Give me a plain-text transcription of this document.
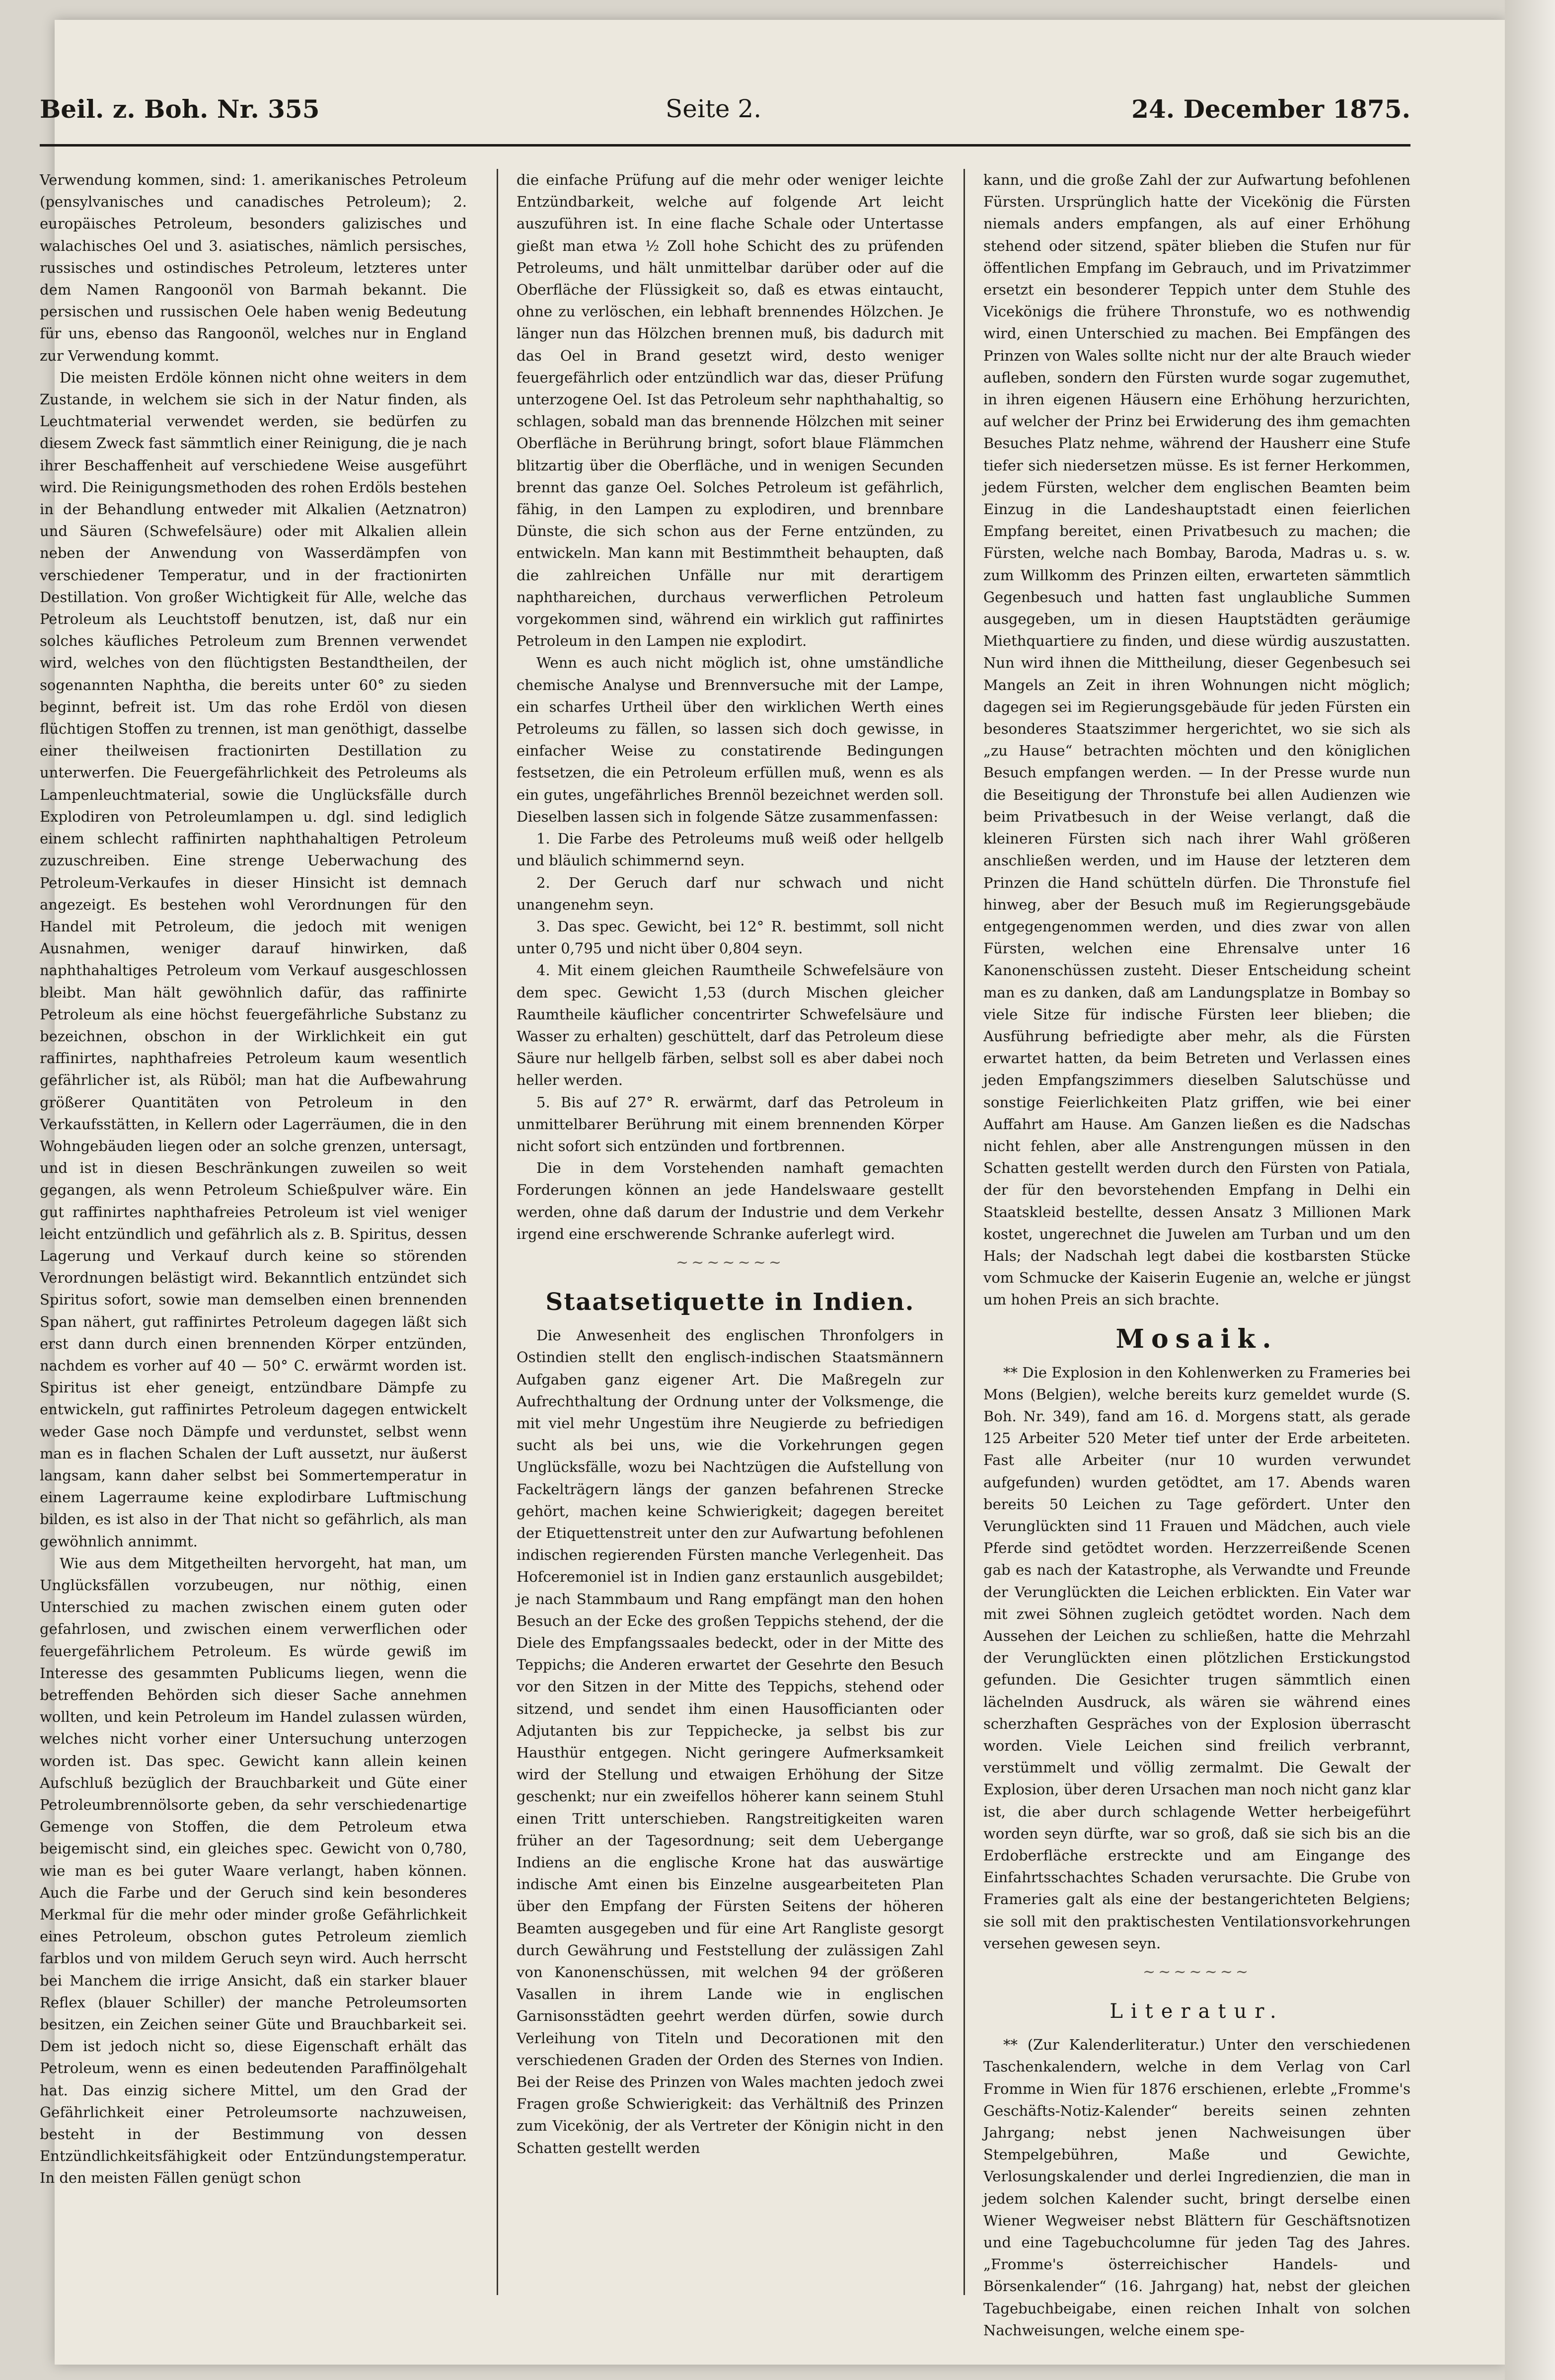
Beil. z. Boh. Nr. 355	Seite 2.	24. December 1875.

Verwendung kommen, sind: 1. amerikanisches Petroleum (pensylvanisches und canadisches Petroleum); 2. europäisches Petroleum, besonders galizisches und walachisches Oel und 3. asiatisches, nämlich persisches, russisches und ostindisches Petroleum, letzteres unter dem Namen Rangoonöl von Barmah bekannt. Die persischen und russischen Oele haben wenig Bedeutung für uns, ebenso das Rangoonöl, welches nur in England zur Verwendung kommt.

Die meisten Erdöle können nicht ohne weiters in dem Zustande, in welchem sie sich in der Natur finden, als Leuchtmaterial verwendet werden, sie bedürfen zu diesem Zweck fast sämmtlich einer Reinigung, die je nach ihrer Beschaffenheit auf verschiedene Weise ausgeführt wird. Die Reinigungsmethoden des rohen Erdöls bestehen in der Behandlung entweder mit Alkalien (Aetznatron) und Säuren (Schwefelsäure) oder mit Alkalien allein neben der Anwendung von Wasserdämpfen von verschiedener Temperatur, und in der fractionirten Destillation. Von großer Wichtigkeit für Alle, welche das Petroleum als Leuchtstoff benutzen, ist, daß nur ein solches käufliches Petroleum zum Brennen verwendet wird, welches von den flüchtigsten Bestandtheilen, der sogenannten Naphtha, die bereits unter 60° zu sieden beginnt, befreit ist. Um das rohe Erdöl von diesen flüchtigen Stoffen zu trennen, ist man genöthigt, dasselbe einer theilweisen fractionirten Destillation zu unterwerfen. Die Feuergefährlichkeit des Petroleums als Lampenleuchtmaterial, sowie die Unglücksfälle durch Explodiren von Petroleumlampen u. dgl. sind lediglich einem schlecht raffinirten naphthahaltigen Petroleum zuzuschreiben. Eine strenge Ueberwachung des Petroleum-Verkaufes in dieser Hinsicht ist demnach angezeigt. Es bestehen wohl Verordnungen für den Handel mit Petroleum, die jedoch mit wenigen Ausnahmen, weniger darauf hinwirken, daß naphthahaltiges Petroleum vom Verkauf ausgeschlossen bleibt. Man hält gewöhnlich dafür, das raffinirte Petroleum als eine höchst feuergefährliche Substanz zu bezeichnen, obschon in der Wirklichkeit ein gut raffinirtes, naphthafreies Petroleum kaum wesentlich gefährlicher ist, als Rüböl; man hat die Aufbewahrung größerer Quantitäten von Petroleum in den Verkaufsstätten, in Kellern oder Lagerräumen, die in den Wohngebäuden liegen oder an solche grenzen, untersagt, und ist in diesen Beschränkungen zuweilen so weit gegangen, als wenn Petroleum Schießpulver wäre. Ein gut raffinirtes naphthafreies Petroleum ist viel weniger leicht entzündlich und gefährlich als z. B. Spiritus, dessen Lagerung und Verkauf durch keine so störenden Verordnungen belästigt wird. Bekanntlich entzündet sich Spiritus sofort, sowie man demselben einen brennenden Span nähert, gut raffinirtes Petroleum dagegen läßt sich erst dann durch einen brennenden Körper entzünden, nachdem es vorher auf 40 — 50° C. erwärmt worden ist. Spiritus ist eher geneigt, entzündbare Dämpfe zu entwickeln, gut raffinirtes Petroleum dagegen entwickelt weder Gase noch Dämpfe und verdunstet, selbst wenn man es in flachen Schalen der Luft aussetzt, nur äußerst langsam, kann daher selbst bei Sommertemperatur in einem Lagerraume keine explodirbare Luftmischung bilden, es ist also in der That nicht so gefährlich, als man gewöhnlich annimmt.

Wie aus dem Mitgetheilten hervorgeht, hat man, um Unglücksfällen vorzubeugen, nur nöthig, einen Unterschied zu machen zwischen einem guten oder gefahrlosen, und zwischen einem verwerflichen oder feuergefährlichem Petroleum. Es würde gewiß im Interesse des gesammten Publicums liegen, wenn die betreffenden Behörden sich dieser Sache annehmen wollten, und kein Petroleum im Handel zulassen würden, welches nicht vorher einer Untersuchung unterzogen worden ist. Das spec. Gewicht kann allein keinen Aufschluß bezüglich der Brauchbarkeit und Güte einer Petroleumbrennölsorte geben, da sehr verschiedenartige Gemenge von Stoffen, die dem Petroleum etwa beigemischt sind, ein gleiches spec. Gewicht von 0,780, wie man es bei guter Waare verlangt, haben können. Auch die Farbe und der Geruch sind kein besonderes Merkmal für die mehr oder minder große Gefährlichkeit eines Petroleum, obschon gutes Petroleum ziemlich farblos und von mildem Geruch seyn wird. Auch herrscht bei Manchem die irrige Ansicht, daß ein starker blauer Reflex (blauer Schiller) der manche Petroleumsorten besitzen, ein Zeichen seiner Güte und Brauchbarkeit sei. Dem ist jedoch nicht so, diese Eigenschaft erhält das Petroleum, wenn es einen bedeutenden Paraffinölgehalt hat. Das einzig sichere Mittel, um den Grad der Gefährlichkeit einer Petroleumsorte nachzuweisen, besteht in der Bestimmung von dessen Entzündlichkeitsfähigkeit oder Entzündungstemperatur. In den meisten Fällen genügt schon

die einfache Prüfung auf die mehr oder weniger leichte Entzündbarkeit, welche auf folgende Art leicht auszuführen ist. In eine flache Schale oder Untertasse gießt man etwa ½ Zoll hohe Schicht des zu prüfenden Petroleums, und hält unmittelbar darüber oder auf die Oberfläche der Flüssigkeit so, daß es etwas eintaucht, ohne zu verlöschen, ein lebhaft brennendes Hölzchen. Je länger nun das Hölzchen brennen muß, bis dadurch mit das Oel in Brand gesetzt wird, desto weniger feuergefährlich oder entzündlich war das, dieser Prüfung unterzogene Oel. Ist das Petroleum sehr naphthahaltig, so schlagen, sobald man das brennende Hölzchen mit seiner Oberfläche in Berührung bringt, sofort blaue Flämmchen blitzartig über die Oberfläche, und in wenigen Secunden brennt das ganze Oel. Solches Petroleum ist gefährlich, fähig, in den Lampen zu explodiren, und brennbare Dünste, die sich schon aus der Ferne entzünden, zu entwickeln. Man kann mit Bestimmtheit behaupten, daß die zahlreichen Unfälle nur mit derartigem naphthareichen, durchaus verwerflichen Petroleum vorgekommen sind, während ein wirklich gut raffinirtes Petroleum in den Lampen nie explodirt.

Wenn es auch nicht möglich ist, ohne umständliche chemische Analyse und Brennversuche mit der Lampe, ein scharfes Urtheil über den wirklichen Werth eines Petroleums zu fällen, so lassen sich doch gewisse, in einfacher Weise zu constatirende Bedingungen festsetzen, die ein Petroleum erfüllen muß, wenn es als ein gutes, ungefährliches Brennöl bezeichnet werden soll. Dieselben lassen sich in folgende Sätze zusammenfassen:

1. Die Farbe des Petroleums muß weiß oder hellgelb und bläulich schimmernd seyn.
2. Der Geruch darf nur schwach und nicht unangenehm seyn.
3. Das spec. Gewicht, bei 12° R. bestimmt, soll nicht unter 0,795 und nicht über 0,804 seyn.
4. Mit einem gleichen Raumtheile Schwefelsäure von dem spec. Gewicht 1,53 (durch Mischen gleicher Raumtheile käuflicher concentrirter Schwefelsäure und Wasser zu erhalten) geschüttelt, darf das Petroleum diese Säure nur hellgelb färben, selbst soll es aber dabei noch heller werden.
5. Bis auf 27° R. erwärmt, darf das Petroleum in unmittelbarer Berührung mit einem brennenden Körper nicht sofort sich entzünden und fortbrennen.

Die in dem Vorstehenden namhaft gemachten Forderungen können an jede Handelswaare gestellt werden, ohne daß darum der Industrie und dem Verkehr irgend eine erschwerende Schranke auferlegt wird.

~~~~~~~
Staatsetiquette in Indien.

Die Anwesenheit des englischen Thronfolgers in Ostindien stellt den englisch-indischen Staatsmännern Aufgaben ganz eigener Art. Die Maßregeln zur Aufrechthaltung der Ordnung unter der Volksmenge, die mit viel mehr Ungestüm ihre Neugierde zu befriedigen sucht als bei uns, wie die Vorkehrungen gegen Unglücksfälle, wozu bei Nachtzügen die Aufstellung von Fackelträgern längs der ganzen befahrenen Strecke gehört, machen keine Schwierigkeit; dagegen bereitet der Etiquettenstreit unter den zur Aufwartung befohlenen indischen regierenden Fürsten manche Verlegenheit. Das Hofceremoniel ist in Indien ganz erstaunlich ausgebildet; je nach Stammbaum und Rang empfängt man den hohen Besuch an der Ecke des großen Teppichs stehend, der die Diele des Empfangssaales bedeckt, oder in der Mitte des Teppichs; die Anderen erwartet der Gesehrte den Besuch vor den Sitzen in der Mitte des Teppichs, stehend oder sitzend, und sendet ihm einen Hausofficianten oder Adjutanten bis zur Teppichecke, ja selbst bis zur Hausthür entgegen. Nicht geringere Aufmerksamkeit wird der Stellung und etwaigen Erhöhung der Sitze geschenkt; nur ein zweifellos höherer kann seinem Stuhl einen Tritt unterschieben. Rangstreitigkeiten waren früher an der Tagesordnung; seit dem Uebergange Indiens an die englische Krone hat das auswärtige indische Amt einen bis Einzelne ausgearbeiteten Plan über den Empfang der Fürsten Seitens der höheren Beamten ausgegeben und für eine Art Rangliste gesorgt durch Gewährung und Feststellung der zulässigen Zahl von Kanonenschüssen, mit welchen 94 der größeren Vasallen in ihrem Lande wie in englischen Garnisonsstädten geehrt werden dürfen, sowie durch Verleihung von Titeln und Decorationen mit den verschiedenen Graden der Orden des Sternes von Indien. Bei der Reise des Prinzen von Wales machten jedoch zwei Fragen große Schwierigkeit: das Verhältniß des Prinzen zum Vicekönig, der als Vertreter der Königin nicht in den Schatten gestellt werden

kann, und die große Zahl der zur Aufwartung befohlenen Fürsten. Ursprünglich hatte der Vicekönig die Fürsten niemals anders empfangen, als auf einer Erhöhung stehend oder sitzend, später blieben die Stufen nur für öffentlichen Empfang im Gebrauch, und im Privatzimmer ersetzt ein besonderer Teppich unter dem Stuhle des Vicekönigs die frühere Thronstufe, wo es nothwendig wird, einen Unterschied zu machen. Bei Empfängen des Prinzen von Wales sollte nicht nur der alte Brauch wieder aufleben, sondern den Fürsten wurde sogar zugemuthet, in ihren eigenen Häusern eine Erhöhung herzurichten, auf welcher der Prinz bei Erwiderung des ihm gemachten Besuches Platz nehme, während der Hausherr eine Stufe tiefer sich niedersetzen müsse. Es ist ferner Herkommen, jedem Fürsten, welcher dem englischen Beamten beim Einzug in die Landeshauptstadt einen feierlichen Empfang bereitet, einen Privatbesuch zu machen; die Fürsten, welche nach Bombay, Baroda, Madras u. s. w. zum Willkomm des Prinzen eilten, erwarteten sämmtlich Gegenbesuch und hatten fast unglaubliche Summen ausgegeben, um in diesen Hauptstädten geräumige Miethquartiere zu finden, und diese würdig auszustatten. Nun wird ihnen die Mittheilung, dieser Gegenbesuch sei Mangels an Zeit in ihren Wohnungen nicht möglich; dagegen sei im Regierungsgebäude für jeden Fürsten ein besonderes Staatszimmer hergerichtet, wo sie sich als „zu Hause“ betrachten möchten und den königlichen Besuch empfangen werden. — In der Presse wurde nun die Beseitigung der Thronstufe bei allen Audienzen wie beim Privatbesuch in der Weise verlangt, daß die kleineren Fürsten sich nach ihrer Wahl größeren anschließen werden, und im Hause der letzteren dem Prinzen die Hand schütteln dürfen. Die Thronstufe fiel hinweg, aber der Besuch muß im Regierungsgebäude entgegengenommen werden, und dies zwar von allen Fürsten, welchen eine Ehrensalve unter 16 Kanonenschüssen zusteht. Dieser Entscheidung scheint man es zu danken, daß am Landungsplatze in Bombay so viele Sitze für indische Fürsten leer blieben; die Ausführung befriedigte aber mehr, als die Fürsten erwartet hatten, da beim Betreten und Verlassen eines jeden Empfangszimmers dieselben Salutschüsse und sonstige Feierlichkeiten Platz griffen, wie bei einer Auffahrt am Hause. Am Ganzen ließen es die Nadschas nicht fehlen, aber alle Anstrengungen müssen in den Schatten gestellt werden durch den Fürsten von Patiala, der für den bevorstehenden Empfang in Delhi ein Staatskleid bestellte, dessen Ansatz 3 Millionen Mark kostet, ungerechnet die Juwelen am Turban und um den Hals; der Nadschah legt dabei die kostbarsten Stücke vom Schmucke der Kaiserin Eugenie an, welche er jüngst um hohen Preis an sich brachte.

Mosaik.

** Die Explosion in den Kohlenwerken zu Frameries bei Mons (Belgien), welche bereits kurz gemeldet wurde (S. Boh. Nr. 349), fand am 16. d. Morgens statt, als gerade 125 Arbeiter 520 Meter tief unter der Erde arbeiteten. Fast alle Arbeiter (nur 10 wurden verwundet aufgefunden) wurden getödtet, am 17. Abends waren bereits 50 Leichen zu Tage gefördert. Unter den Verunglückten sind 11 Frauen und Mädchen, auch viele Pferde sind getödtet worden. Herzzerreißende Scenen gab es nach der Katastrophe, als Verwandte und Freunde der Verunglückten die Leichen erblickten. Ein Vater war mit zwei Söhnen zugleich getödtet worden. Nach dem Aussehen der Leichen zu schließen, hatte die Mehrzahl der Verunglückten einen plötzlichen Erstickungstod gefunden. Die Gesichter trugen sämmtlich einen lächelnden Ausdruck, als wären sie während eines scherzhaften Gespräches von der Explosion überrascht worden. Viele Leichen sind freilich verbrannt, verstümmelt und völlig zermalmt. Die Gewalt der Explosion, über deren Ursachen man noch nicht ganz klar ist, die aber durch schlagende Wetter herbeigeführt worden seyn dürfte, war so groß, daß sie sich bis an die Erdoberfläche erstreckte und am Eingange des Einfahrtsschachtes Schaden verursachte. Die Grube von Frameries galt als eine der bestangerichteten Belgiens; sie soll mit den praktischesten Ventilationsvorkehrungen versehen gewesen seyn.

~~~~~~~
Literatur.

** (Zur Kalenderliteratur.) Unter den verschiedenen Taschenkalendern, welche in dem Verlag von Carl Fromme in Wien für 1876 erschienen, erlebte „Fromme's Geschäfts-Notiz-Kalender“ bereits seinen zehnten Jahrgang; nebst jenen Nachweisungen über Stempelgebühren, Maße und Gewichte, Verlosungskalender und derlei Ingredienzien, die man in jedem solchen Kalender sucht, bringt derselbe einen Wiener Wegweiser nebst Blättern für Geschäftsnotizen und eine Tagebuchcolumne für jeden Tag des Jahres. „Fromme's österreichischer Handels- und Börsenkalender“ (16. Jahrgang) hat, nebst der gleichen Tagebuchbeigabe, einen reichen Inhalt von solchen Nachweisungen, welche einem spe-
